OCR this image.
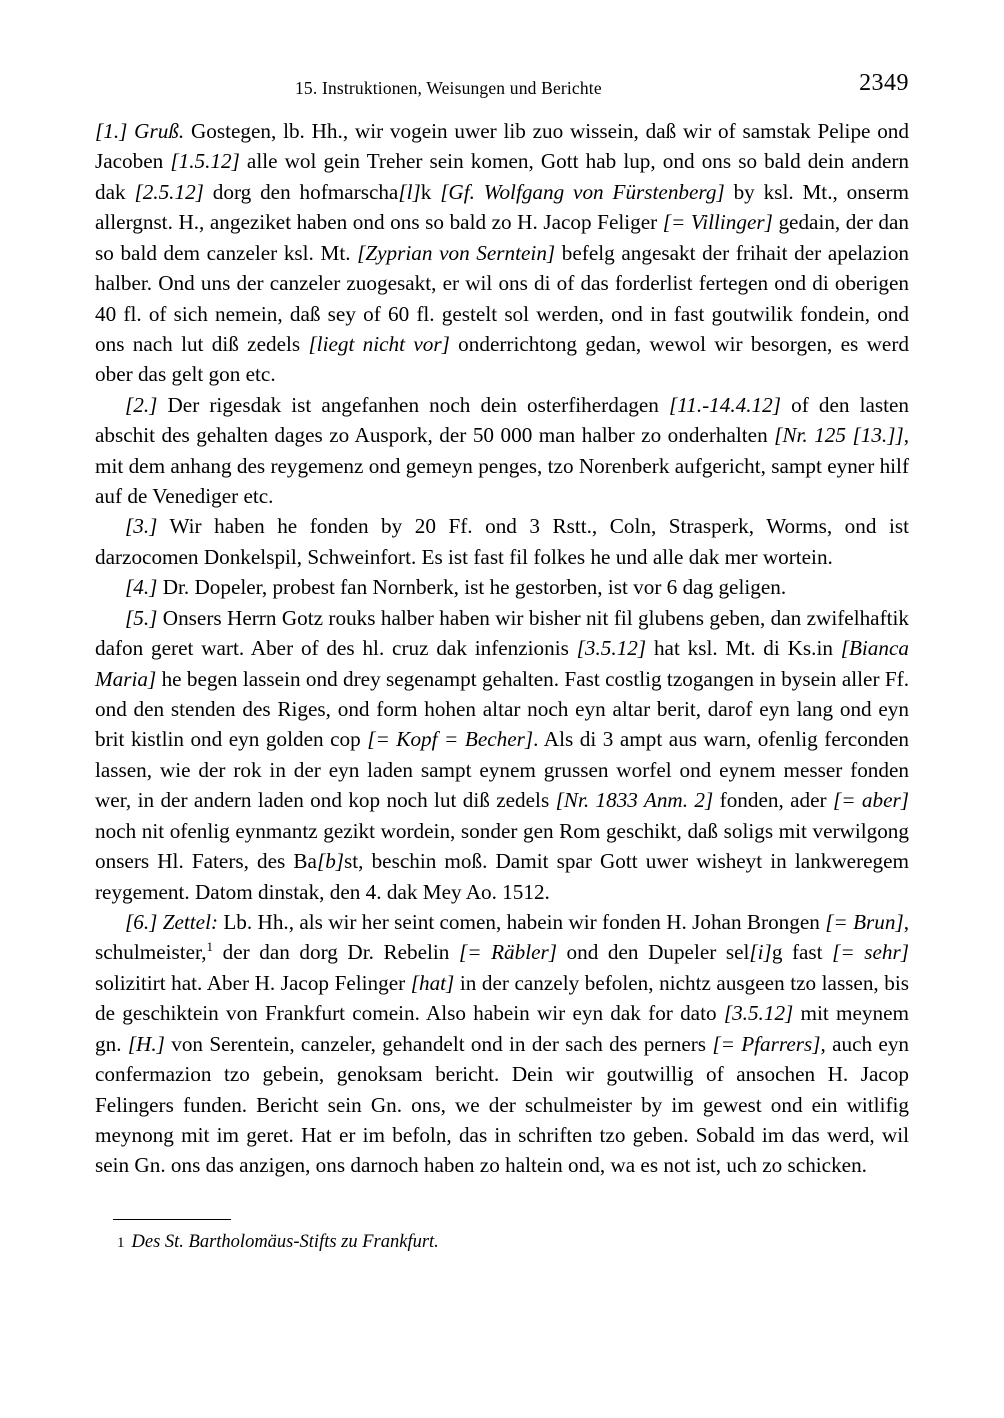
15. Instruktionen, Weisungen und Berichte	2349

[1.] Gruß. Gostegen, lb. Hh., wir vogein uwer lib zuo wissein, daß wir of samstak Pelipe ond Jacoben [1.5.12] alle wol gein Treher sein komen, Gott hab lup, ond ons so bald dein andern dak [2.5.12] dorg den hofmarscha[l]k [Gf. Wolfgang von Fürstenberg] by ksl. Mt., onserm allergnst. H., angeziket haben ond ons so bald zo H. Jacop Feliger [= Villinger] gedain, der dan so bald dem canzeler ksl. Mt. [Zyprian von Serntein] befelg angesakt der frihait der apelazion halber. Ond uns der canzeler zuogesakt, er wil ons di of das forderlist fertegen ond di oberigen 40 fl. of sich nemein, daß sey of 60 fl. gestelt sol werden, ond in fast goutwilik fondein, ond ons nach lut diß zedels [liegt nicht vor] onderrichtong gedan, wewol wir besorgen, es werd ober das gelt gon etc.

[2.] Der rigesdak ist angefanhen noch dein osterfiherdagen [11.-14.4.12] of den lasten abschit des gehalten dages zo Auspork, der 50 000 man halber zo onderhalten [Nr. 125 [13.]], mit dem anhang des reygemenz ond gemeyn penges, tzo Norenberk aufgericht, sampt eyner hilf auf de Venediger etc.

[3.] Wir haben he fonden by 20 Ff. ond 3 Rstt., Coln, Strasperk, Worms, ond ist darzocomen Donkelspil, Schweinfort. Es ist fast fil folkes he und alle dak mer wortein.

[4.] Dr. Dopeler, probest fan Nornberk, ist he gestorben, ist vor 6 dag geligen.

[5.] Onsers Herrn Gotz rouks halber haben wir bisher nit fil glubens geben, dan zwifelhaftik dafon geret wart. Aber of des hl. cruz dak infenzionis [3.5.12] hat ksl. Mt. di Ks.in [Bianca Maria] he begen lassein ond drey segenampt gehalten. Fast costlig tzogangen in bysein aller Ff. ond den stenden des Riges, ond form hohen altar noch eyn altar berit, darof eyn lang ond eyn brit kistlin ond eyn golden cop [= Kopf = Becher]. Als di 3 ampt aus warn, ofenlig ferconden lassen, wie der rok in der eyn laden sampt eynem grussen worfel ond eynem messer fonden wer, in der andern laden ond kop noch lut diß zedels [Nr. 1833 Anm. 2] fonden, ader [= aber] noch nit ofenlig eynmantz gezikt wordein, sonder gen Rom geschikt, daß soligs mit verwilgong onsers Hl. Faters, des Ba[b]st, beschin moß. Damit spar Gott uwer wisheyt in lankweregem reygement. Datom dinstak, den 4. dak Mey Ao. 1512.

[6.] Zettel: Lb. Hh., als wir her seint comen, habein wir fonden H. Johan Brongen [= Brun], schulmeister,$^1$ der dan dorg Dr. Rebelin [= Räbler] ond den Dupeler sel[i]g fast [= sehr] solizitirt hat. Aber H. Jacop Felinger [hat] in der canzely befolen, nichtz ausgeen tzo lassen, bis de geschiktein von Frankfurt comein. Also habein wir eyn dak for dato [3.5.12] mit meynem gn. [H.] von Serentein, canzeler, gehandelt ond in der sach des perners [= Pfarrers], auch eyn confermazion tzo gebein, genoksam bericht. Dein wir goutwillig of ansochen H. Jacop Felingers funden. Bericht sein Gn. ons, we der schulmeister by im gewest ond ein witlifig meynong mit im geret. Hat er im befoln, das in schriften tzo geben. Sobald im das werd, wil sein Gn. ons das anzigen, ons darnoch haben zo haltein ond, wa es not ist, uch zo schicken.

1 Des St. Bartholomäus-Stifts zu Frankfurt.
